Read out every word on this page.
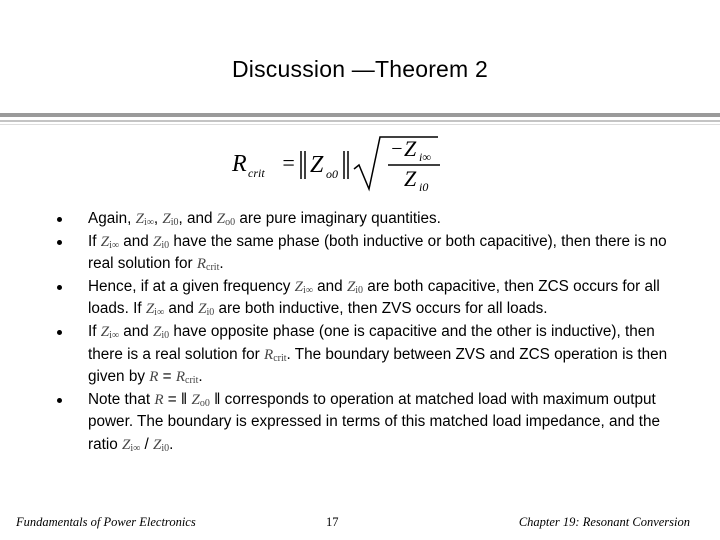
Discussion —Theorem 2
R crit = Z o0
− Z i∞
Z i0
Again, $Z_{i\infty}$, $Z_{i0}$, and $Z_{o0}$ are pure imaginary quantities.
If $Z_{i\infty}$ and $Z_{i0}$ have the same phase (both inductive or both capacitive), then there is no real solution for $R_{crit}$.
Hence, if at a given frequency $Z_{i\infty}$ and $Z_{i0}$ are both capacitive, then ZCS occurs for all loads. If $Z_{i\infty}$ and $Z_{i0}$ are both inductive, then ZVS occurs for all loads.
If $Z_{i\infty}$ and $Z_{i0}$ have opposite phase (one is capacitive and the other is inductive), then there is a real solution for $R_{crit}$. The boundary between ZVS and ZCS operation is then given by $R = R_{crit}$.
Note that R = ‖ $Z_{o0}$ ‖ corresponds to operation at matched load with maximum output power. The boundary is expressed in terms of this matched load impedance, and the ratio $Z_{i\infty} / Z_{i0}$.
Fundamentals of Power Electronics	17	Chapter 19: Resonant Conversion
